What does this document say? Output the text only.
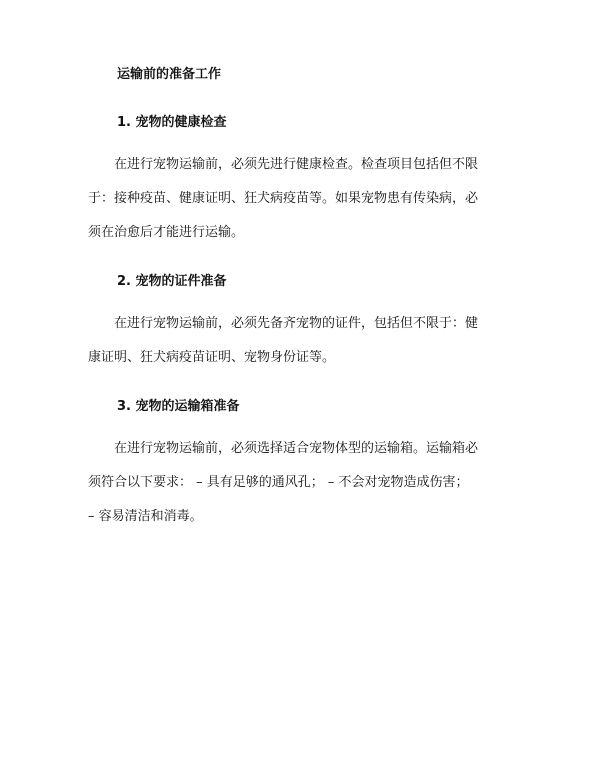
运输前的准备工作
1. 宠物的健康检查
在进行宠物运输前，必须先进行健康检查。检查项目包括但不限
于：接种疫苗、健康证明、狂犬病疫苗等。如果宠物患有传染病，必
须在治愈后才能进行运输。
2. 宠物的证件准备
在进行宠物运输前，必须先备齐宠物的证件，包括但不限于：健
康证明、狂犬病疫苗证明、宠物身份证等。
3. 宠物的运输箱准备
在进行宠物运输前，必须选择适合宠物体型的运输箱。运输箱必
须符合以下要求： – 具有足够的通风孔； – 不会对宠物造成伤害；
– 容易清洁和消毒。
